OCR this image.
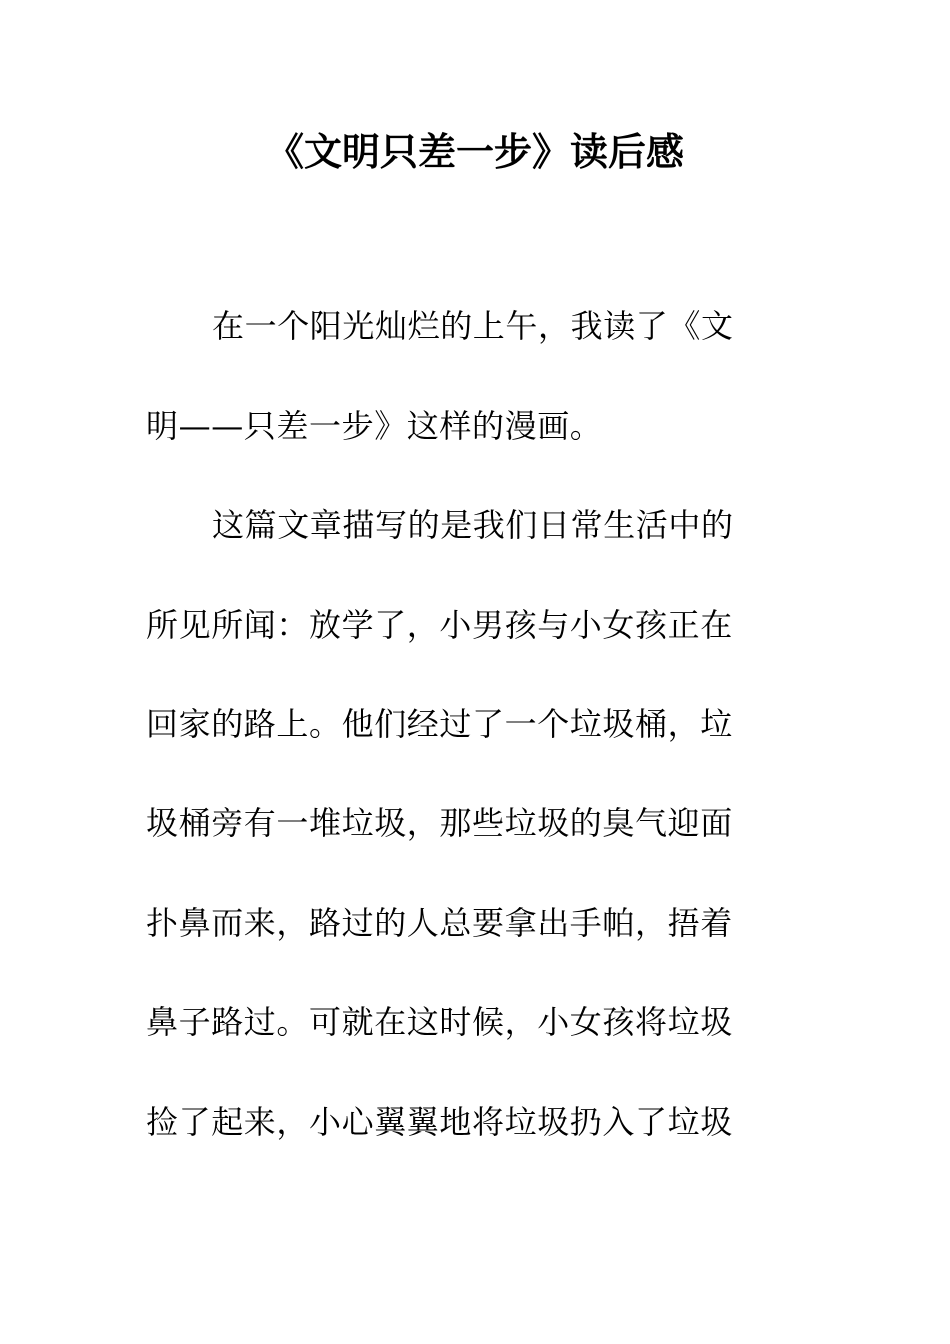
《文明只差一步》读后感
在一个阳光灿烂的上午，我读了《文
明——只差一步》这样的漫画。
这篇文章描写的是我们日常生活中的
所见所闻：放学了，小男孩与小女孩正在
回家的路上。他们经过了一个垃圾桶，垃
圾桶旁有一堆垃圾，那些垃圾的臭气迎面
扑鼻而来，路过的人总要拿出手帕，捂着
鼻子路过。可就在这时候，小女孩将垃圾
捡了起来，小心翼翼地将垃圾扔入了垃圾
